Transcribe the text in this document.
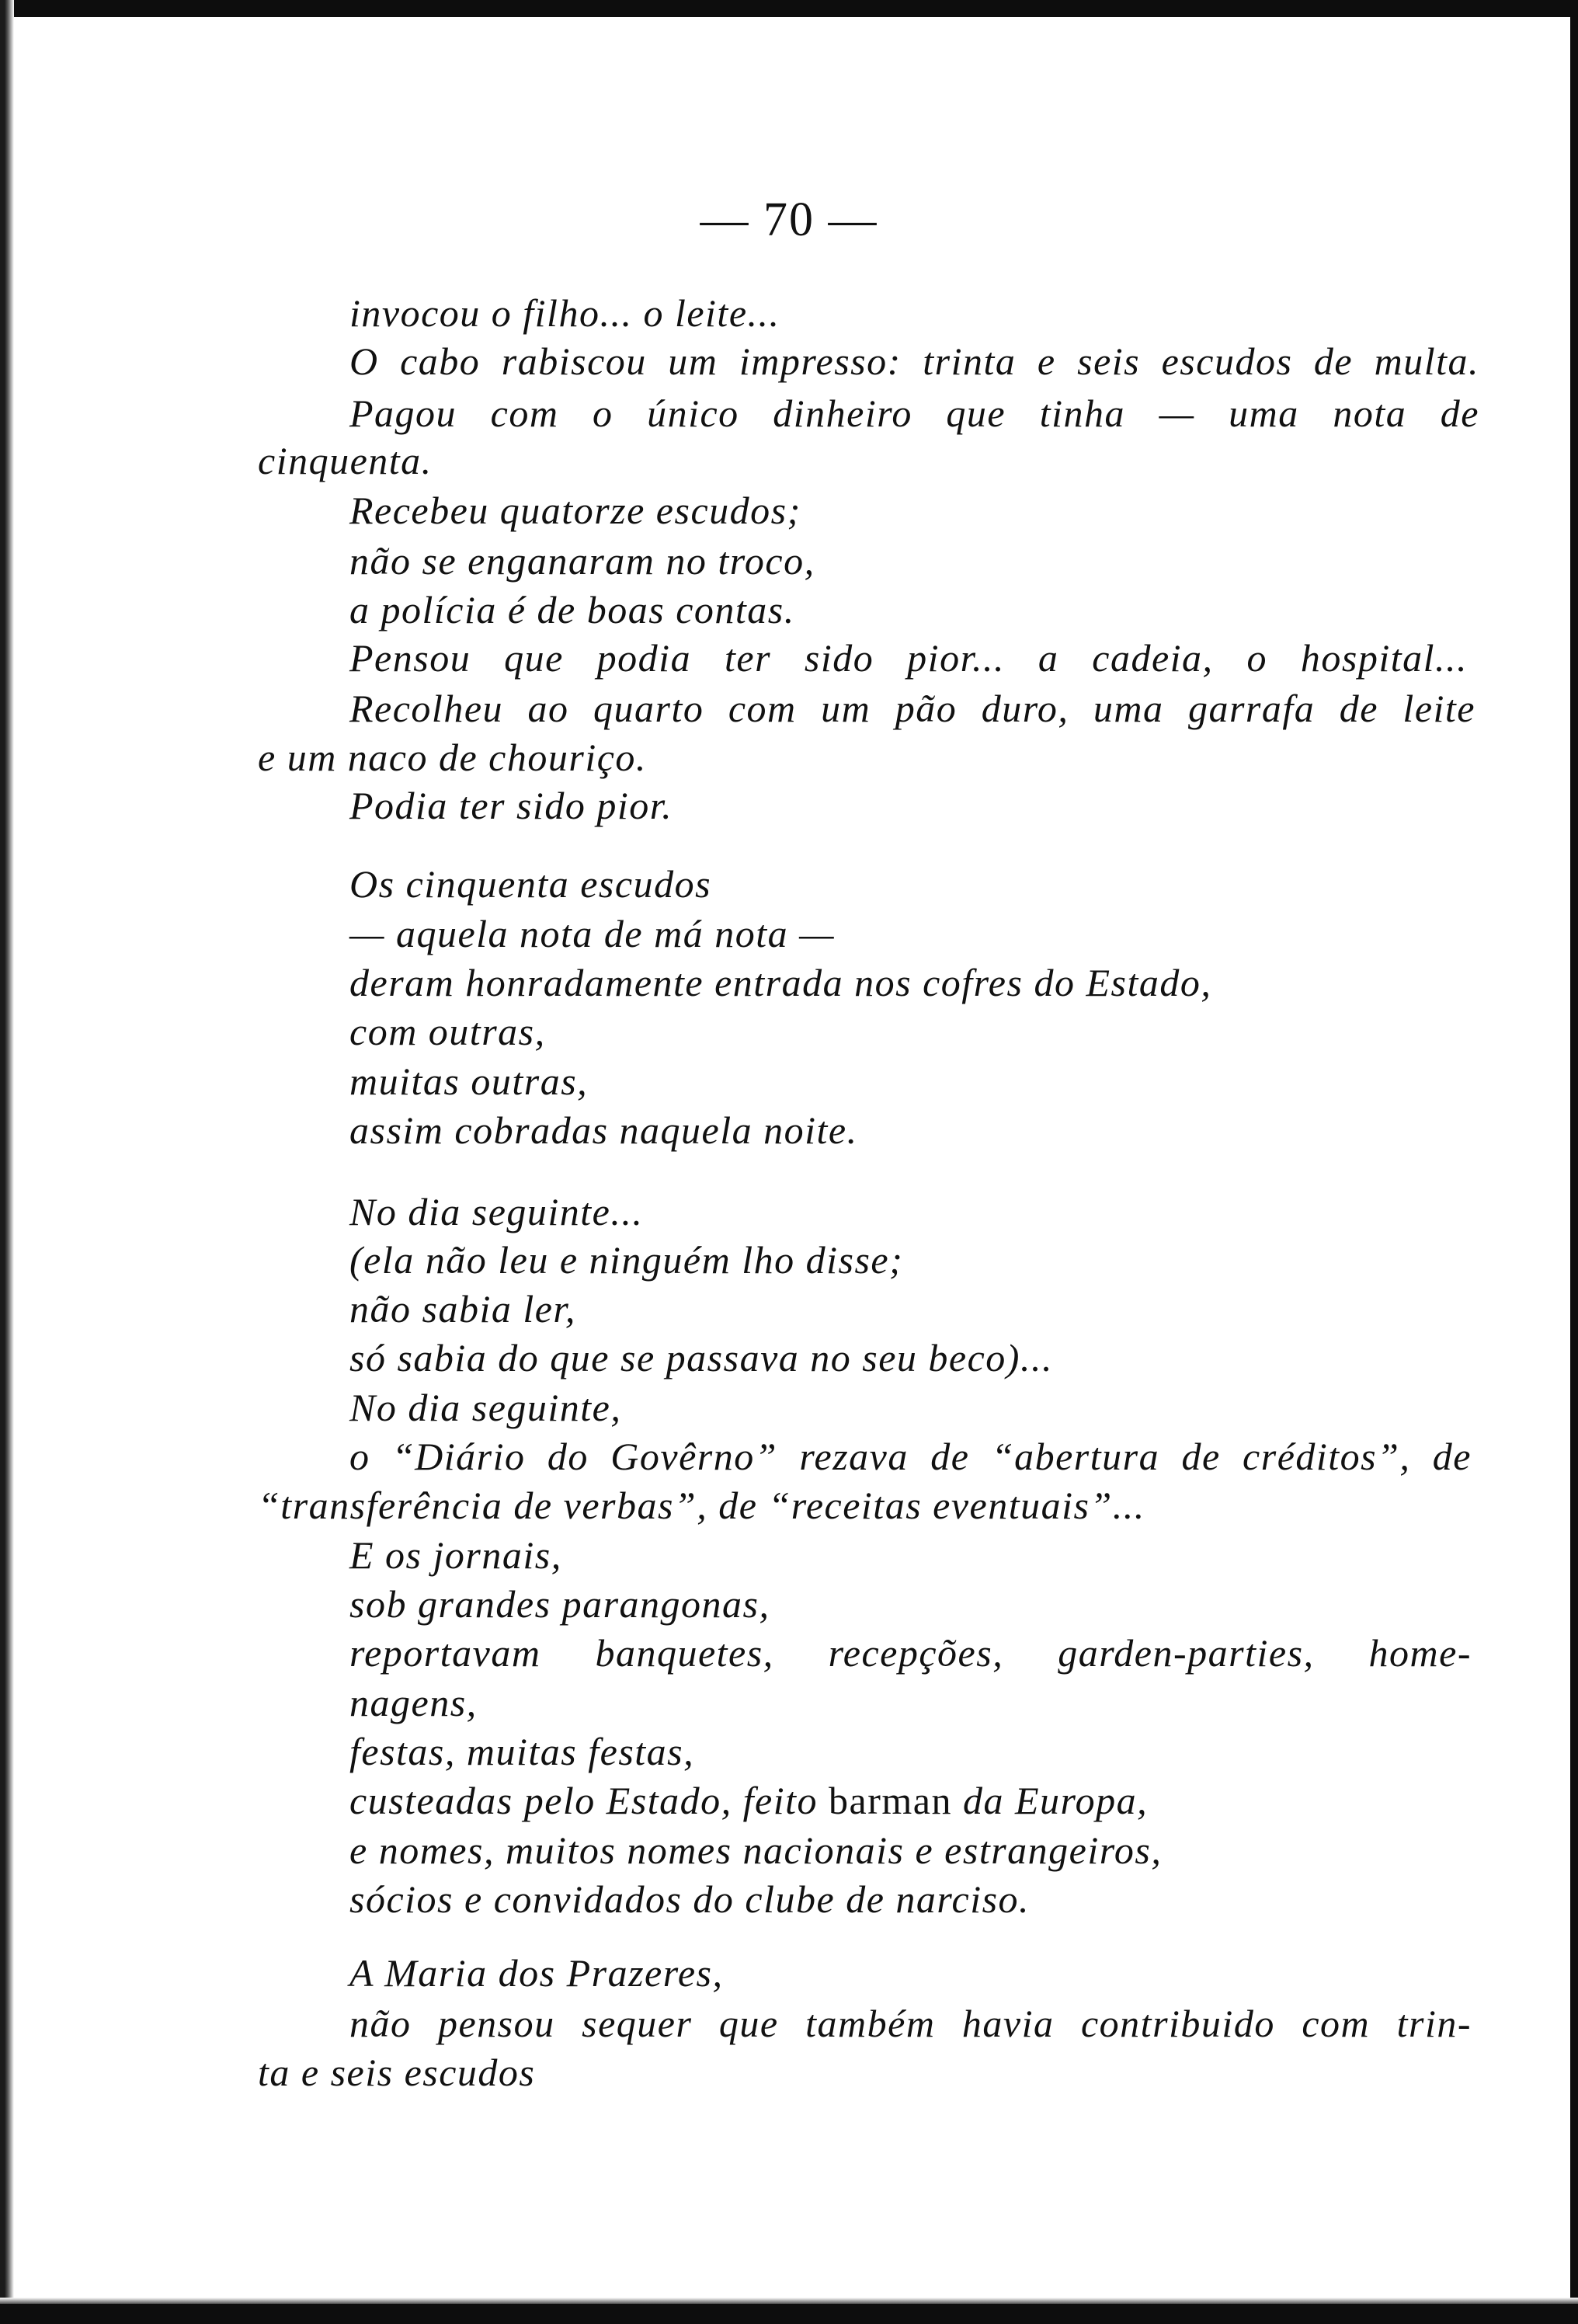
— 70 —
invocou o filho... o leite...
O cabo rabiscou um impresso: trinta e seis escudos de multa.
Pagou com o único dinheiro que tinha — uma nota de
cinquenta.
Recebeu quatorze escudos;
não se enganaram no troco,
a polícia é de boas contas.
Pensou que podia ter sido pior... a cadeia, o hospital...
Recolheu ao quarto com um pão duro, uma garrafa de leite
e um naco de chouriço.
Podia ter sido pior.
Os cinquenta escudos
— aquela nota de má nota —
deram honradamente entrada nos cofres do Estado,
com outras,
muitas outras,
assim cobradas naquela noite.
No dia seguinte...
(ela não leu e ninguém lho disse;
não sabia ler,
só sabia do que se passava no seu beco)...
No dia seguinte,
o “Diário do Govêrno” rezava de “abertura de créditos”, de
“transferência de verbas”, de “receitas eventuais”...
E os jornais,
sob grandes parangonas,
reportavam banquetes, recepções, garden-parties, home-
nagens,
festas, muitas festas,
custeadas pelo Estado, feito barman da Europa,
e nomes, muitos nomes nacionais e estrangeiros,
sócios e convidados do clube de narciso.
A Maria dos Prazeres,
não pensou sequer que também havia contribuido com trin-
ta e seis escudos
